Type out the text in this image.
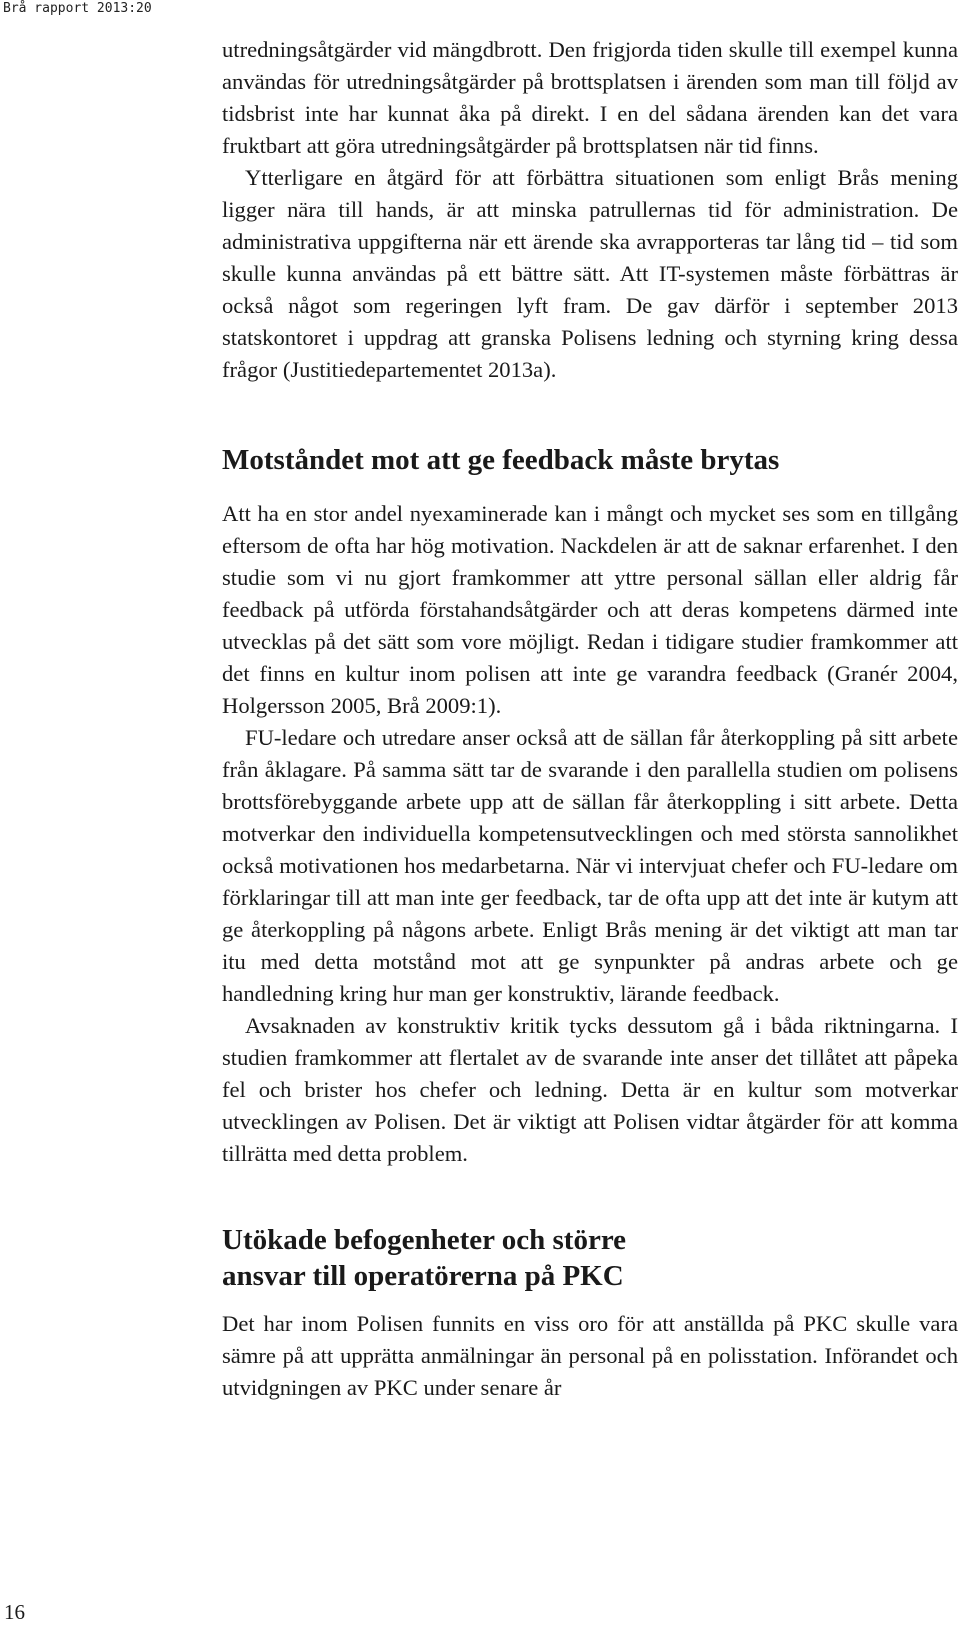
Brå rapport 2013:20

utredningsåtgärder vid mängdbrott. Den frigjorda tiden skulle till exempel kunna användas för utredningsåtgärder på brottsplatsen i ärenden som man till följd av tidsbrist inte har kunnat åka på direkt. I en del sådana ärenden kan det vara fruktbart att göra utredningsåtgärder på brottsplatsen när tid finns.

Ytterligare en åtgärd för att förbättra situationen som enligt Brås mening ligger nära till hands, är att minska patrullernas tid för administration. De administrativa uppgifterna när ett ärende ska avrapporteras tar lång tid – tid som skulle kunna användas på ett bättre sätt. Att IT-systemen måste förbättras är också något som regeringen lyft fram. De gav därför i september 2013 statskontoret i uppdrag att granska Polisens ledning och styrning kring dessa frågor (Justitiedepartementet 2013a).

Motståndet mot att ge feedback måste brytas

Att ha en stor andel nyexaminerade kan i mångt och mycket ses som en tillgång eftersom de ofta har hög motivation. Nackdelen är att de saknar erfarenhet. I den studie som vi nu gjort framkommer att yttre personal sällan eller aldrig får feedback på utförda förstahandsåtgärder och att deras kompetens därmed inte utvecklas på det sätt som vore möjligt. Redan i tidigare studier framkommer att det finns en kultur inom polisen att inte ge varandra feedback (Granér 2004, Holgersson 2005, Brå 2009:1).

FU-ledare och utredare anser också att de sällan får återkoppling på sitt arbete från åklagare. På samma sätt tar de svarande i den parallella studien om polisens brottsförebyggande arbete upp att de sällan får återkoppling i sitt arbete. Detta motverkar den individuella kompetensutvecklingen och med största sannolikhet också motivationen hos medarbetarna. När vi intervjuat chefer och FU-ledare om förklaringar till att man inte ger feedback, tar de ofta upp att det inte är kutym att ge återkoppling på någons arbete. Enligt Brås mening är det viktigt att man tar itu med detta motstånd mot att ge synpunkter på andras arbete och ge handledning kring hur man ger konstruktiv, lärande feedback.

Avsaknaden av konstruktiv kritik tycks dessutom gå i båda riktningarna. I studien framkommer att flertalet av de svarande inte anser det tillåtet att påpeka fel och brister hos chefer och ledning. Detta är en kultur som motverkar utvecklingen av Polisen. Det är viktigt att Polisen vidtar åtgärder för att komma tillrätta med detta problem.

Utökade befogenheter och större
ansvar till operatörerna på PKC

Det har inom Polisen funnits en viss oro för att anställda på PKC skulle vara sämre på att upprätta anmälningar än personal på en polisstation. Införandet och utvidgningen av PKC under senare år

16
